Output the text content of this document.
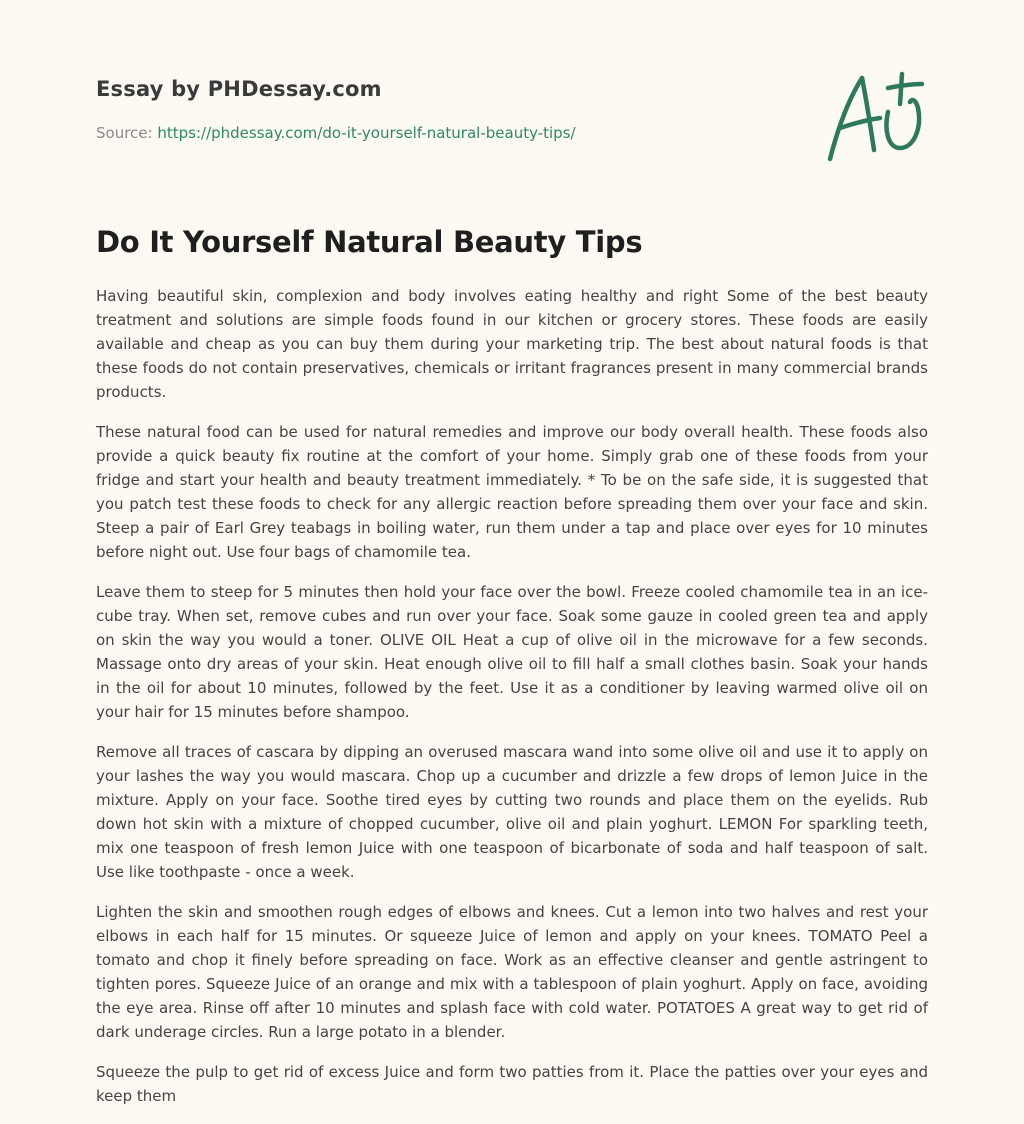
Essay by PHDessay.com
Source: https://phdessay.com/do-it-yourself-natural-beauty-tips/
Do It Yourself Natural Beauty Tips

Having beautiful skin, complexion and body involves eating healthy and right Some of the best beauty treatment and solutions are simple foods found in our kitchen or grocery stores. These foods are easily available and cheap as you can buy them during your marketing trip. The best about natural foods is that these foods do not contain preservatives, chemicals or irritant fragrances present in many commercial brands products.

These natural food can be used for natural remedies and improve our body overall health. These foods also provide a quick beauty fix routine at the comfort of your home. Simply grab one of these foods from your fridge and start your health and beauty treatment immediately. * To be on the safe side, it is suggested that you patch test these foods to check for any allergic reaction before spreading them over your face and skin. Steep a pair of Earl Grey teabags in boiling water, run them under a tap and place over eyes for 10 minutes before night out. Use four bags of chamomile tea.

Leave them to steep for 5 minutes then hold your face over the bowl. Freeze cooled chamomile tea in an ice-cube tray. When set, remove cubes and run over your face. Soak some gauze in cooled green tea and apply on skin the way you would a toner. OLIVE OIL Heat a cup of olive oil in the microwave for a few seconds. Massage onto dry areas of your skin. Heat enough olive oil to fill half a small clothes basin. Soak your hands in the oil for about 10 minutes, followed by the feet. Use it as a conditioner by leaving warmed olive oil on your hair for 15 minutes before shampoo.

Remove all traces of cascara by dipping an overused mascara wand into some olive oil and use it to apply on your lashes the way you would mascara. Chop up a cucumber and drizzle a few drops of lemon Juice in the mixture. Apply on your face. Soothe tired eyes by cutting two rounds and place them on the eyelids. Rub down hot skin with a mixture of chopped cucumber, olive oil and plain yoghurt. LEMON For sparkling teeth, mix one teaspoon of fresh lemon Juice with one teaspoon of bicarbonate of soda and half teaspoon of salt. Use like toothpaste - once a week.

Lighten the skin and smoothen rough edges of elbows and knees. Cut a lemon into two halves and rest your elbows in each half for 15 minutes. Or squeeze Juice of lemon and apply on your knees. TOMATO Peel a tomato and chop it finely before spreading on face. Work as an effective cleanser and gentle astringent to tighten pores. Squeeze Juice of an orange and mix with a tablespoon of plain yoghurt. Apply on face, avoiding the eye area. Rinse off after 10 minutes and splash face with cold water. POTATOES A great way to get rid of dark underage circles. Run a large potato in a blender.

Squeeze the pulp to get rid of excess Juice and form two patties from it. Place the patties over your eyes and keep them
